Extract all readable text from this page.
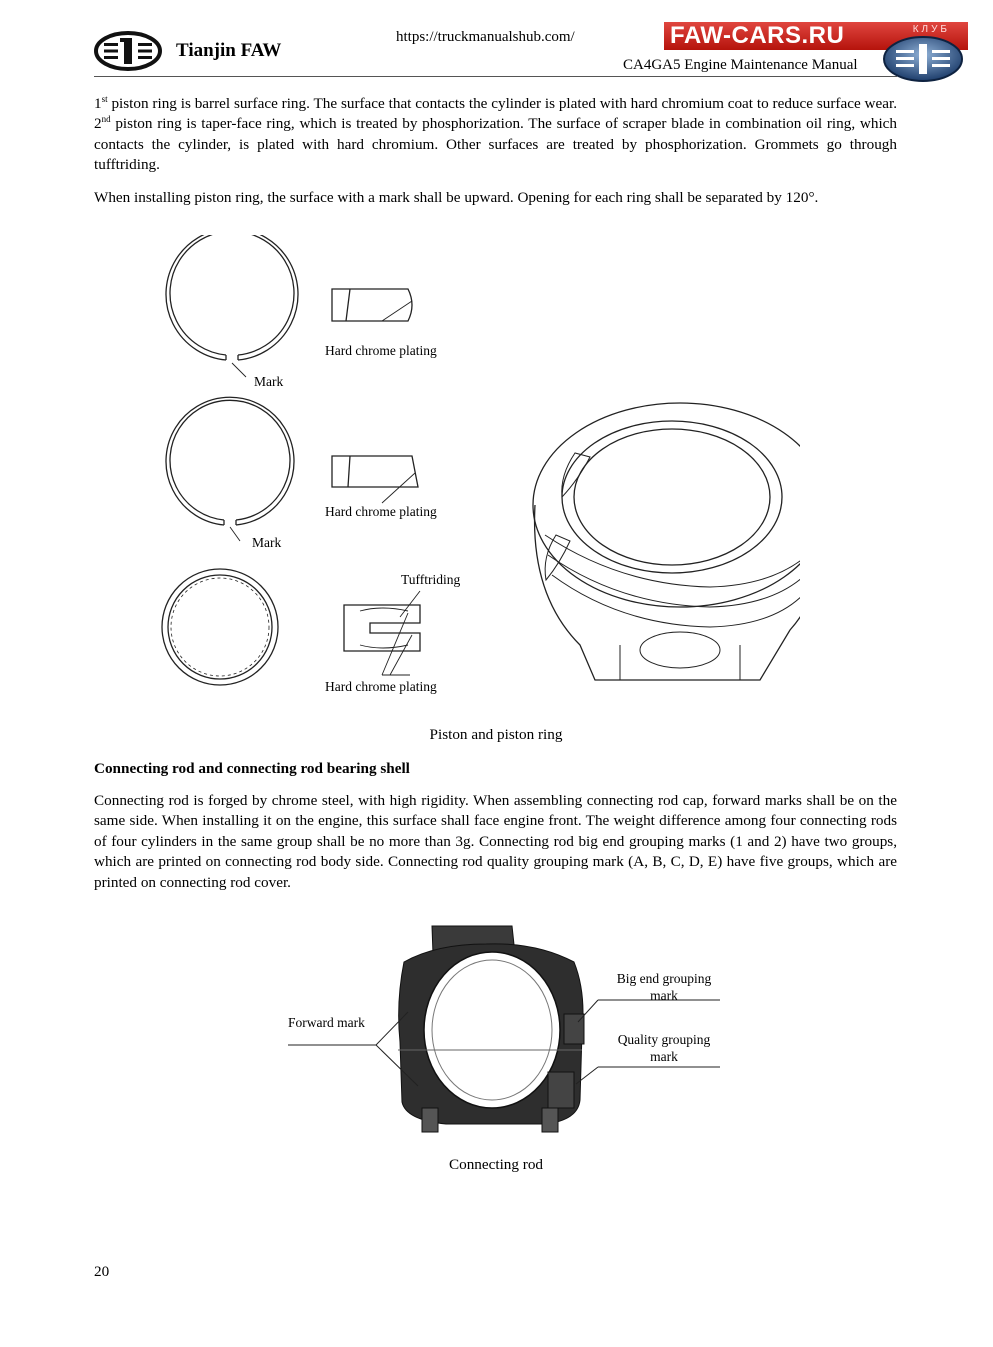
Tianjin FAW
https://truckmanualshub.com/	FAW-CARS.RU	КЛУБ
CA4GA5 Engine Maintenance Manual
1st piston ring is barrel surface ring. The surface that contacts the cylinder is plated with hard chromium coat to reduce surface wear. 2nd piston ring is taper-face ring, which is treated by phosphorization. The surface of scraper blade in combination oil ring, which contacts the cylinder, is plated with hard chromium. Other surfaces are treated by phosphorization. Grommets go through tufftriding.
When installing piston ring, the surface with a mark shall be upward. Opening for each ring shall be separated by 120°.
Hard chrome plating
Mark
Hard chrome plating
Mark
Tufftriding
Hard chrome plating
Piston and piston ring
Connecting rod and connecting rod bearing shell
Connecting rod is forged by chrome steel, with high rigidity. When assembling connecting rod cap, forward marks shall be on the same side. When installing it on the engine, this surface shall face engine front. The weight difference among four connecting rods of four cylinders in the same group shall be no more than 3g. Connecting rod big end grouping marks (1 and 2) have two groups, which are printed on connecting rod body side. Connecting rod quality grouping mark (A, B, C, D, E) have five groups, which are printed on connecting rod cover.
Forward mark
Big end grouping mark
Quality grouping mark
Connecting rod
20
